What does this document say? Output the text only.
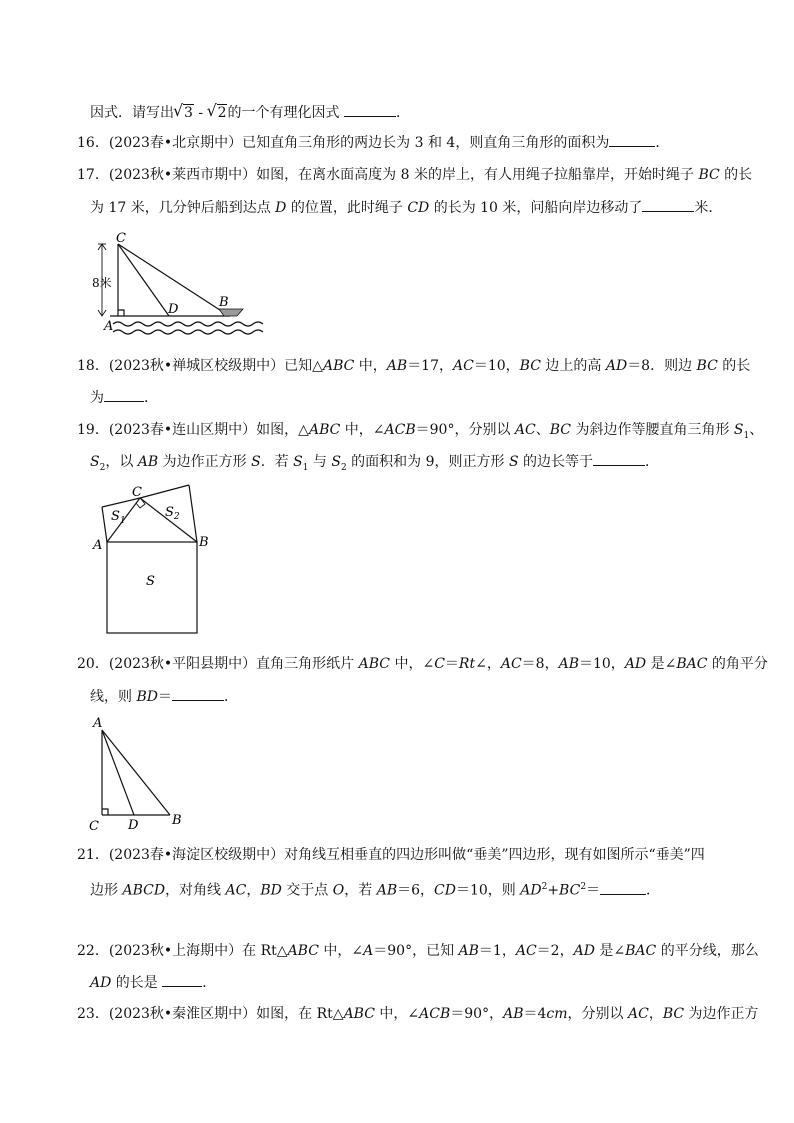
因式．请写出√ 3 - √ 2的一个有理化因式	．
16．(2023春•北京期中）已知直角三角形的两边长为 3 和 4，则直角三角形的面积为	．
17．(2023秋•莱西市期中）如图，在离水面高度为 8 米的岸上，有人用绳子拉船靠岸，开始时绳子 BC 的长
为 17 米，几分钟后船到达点 D 的位置，此时绳子 CD 的长为 10 米，问船向岸边移动了	米．
C
A
D	B
8米
18．(2023秋•禅城区校级期中）已知△ABC 中，AB＝17，AC＝10，BC 边上的高 AD＝8．则边 BC 的长
为	．
19．(2023春•连山区期中）如图，△ABC 中，∠ACB＝90°，分别以 AC、BC 为斜边作等腰直角三角形 $S_1$、
$S_2$，以 AB 为边作正方形 S．若 $S_1$ 与 $S_2$ 的面积和为 9，则正方形 S 的边长等于	．
C
$S_1$
$S_2$
A	B
S
20．(2023秋•平阳县期中）直角三角形纸片 ABC 中，∠C＝Rt∠，AC＝8，AB＝10，AD 是∠BAC 的角平分
线，则 BD＝	．
A
C D	B
21．(2023春•海淀区校级期中）对角线互相垂直的四边形叫做“垂美”四边形，现有如图所示“垂美”四
边形 ABCD，对角线 AC，BD 交于点 O，若 AB＝6，CD＝10，则 $AD^2+BC^2=$	．
22．(2023秋•上海期中）在 Rt△ABC 中，∠A＝90°，已知 AB＝1，AC＝2，AD 是∠BAC 的平分线，那么
AD 的长是	．
23．(2023秋•秦淮区期中）如图，在 Rt△ABC 中，∠ACB＝90°，AB＝4cm，分别以 AC，BC 为边作正方
